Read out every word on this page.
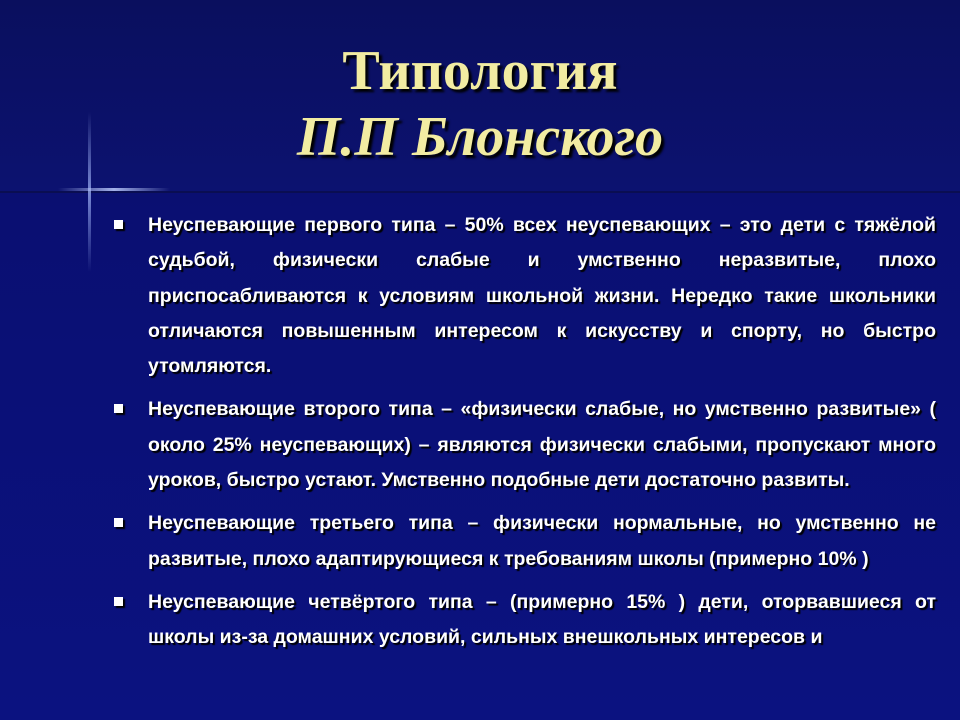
Типология
П.П Блонского
Неуспевающие первого типа – 50% всех неуспевающих – это дети с тяжёлой судьбой, физически слабые и умственно неразвитые, плохо приспосабливаются к условиям школьной жизни. Нередко такие школьники отличаются повышенным интересом к искусству и спорту, но быстро утомляются.
Неуспевающие второго типа – «физически слабые, но умственно развитые» ( около 25% неуспевающих) – являются физически слабыми, пропускают много уроков, быстро устают. Умственно подобные дети достаточно развиты.
Неуспевающие третьего типа – физически нормальные, но умственно не развитые, плохо адаптирующиеся к требованиям школы (примерно 10% )
Неуспевающие четвёртого типа – (примерно 15% ) дети, оторвавшиеся от школы из-за домашних условий, сильных внешкольных интересов и
